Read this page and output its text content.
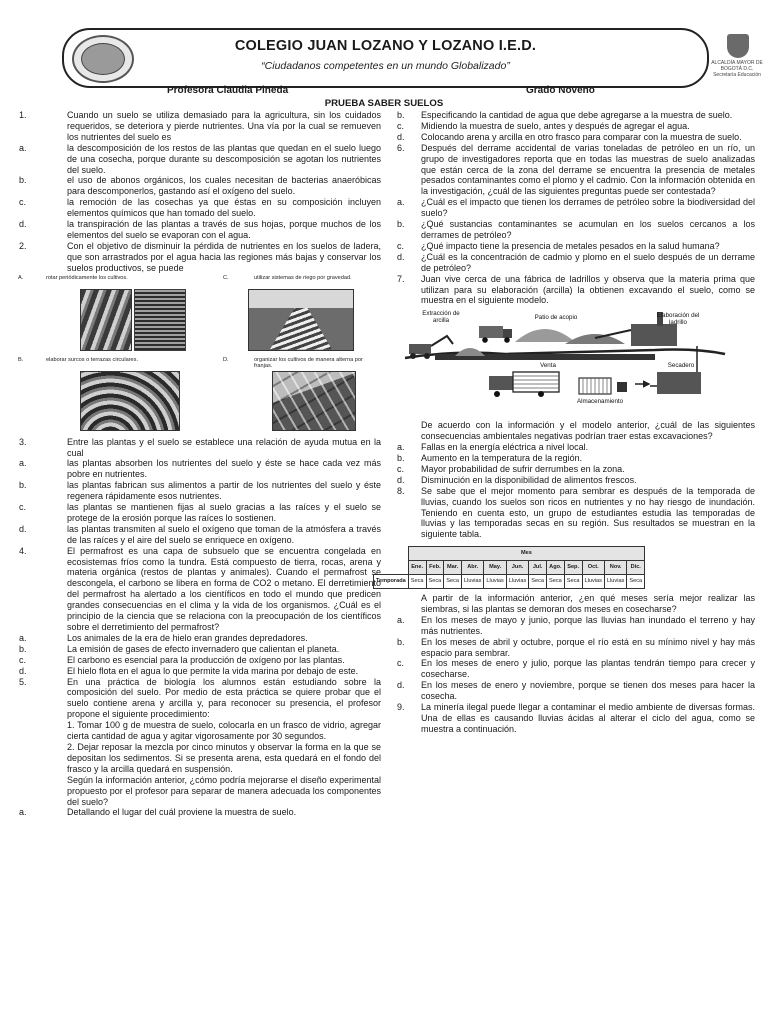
COLEGIO JUAN LOZANO Y LOZANO I.E.D.
“Ciudadanos competentes en un mundo Globalizado”	ALCALDÍA MAYOR DE BOGOTÁ D.C. Secretaría Educación
Profesora Claudia Pineda	Grado Noveno
PRUEBA SABER SUELOS
1.	Cuando un suelo se utiliza demasiado para la agricultura, sin los cuidados requeridos, se deteriora y pierde nutrientes. Una vía por la cual se remueven los nutrientes del suelo es
a.	la descomposición de los restos de las plantas que quedan en el suelo luego de una cosecha, porque durante su descomposición se agotan los nutrientes del suelo.
b.	el uso de abonos orgánicos, los cuales necesitan de bacterias anaeróbicas para descomponerlos, gastando así el oxígeno del suelo.
c.	la remoción de las cosechas ya que éstas en su composición incluyen elementos químicos que han tomado del suelo.
d.	la transpiración de las plantas a través de sus hojas, porque muchos de los elementos del suelo se evaporan con el agua.
2.	Con el objetivo de disminuir la pérdida de nutrientes en los suelos de ladera, que son arrastrados por el agua hacia las regiones más bajas y conservar los suelos productivos, se puede
A.	rotar periódicamente los cultivos.	C.	utilizar sistemas de riego por gravedad.
B.	elaborar surcos o terrazas circulares.	D.	organizar los cultivos de manera alterna por franjas.
3.	Entre las plantas y el suelo se establece una relación de ayuda mutua en la cual
a.	las plantas absorben los nutrientes del suelo y éste se hace cada vez más pobre en nutrientes.
b.	las plantas fabrican sus alimentos a partir de los nutrientes del suelo y éste regenera rápidamente esos nutrientes.
c.	las plantas se mantienen fijas al suelo gracias a las raíces y el suelo se protege de la erosión porque las raíces lo sostienen.
d.	las plantas transmiten al suelo el oxígeno que toman de la atmósfera a través de las raíces y el aire del suelo se enriquece en oxígeno.
4.	El permafrost es una capa de subsuelo que se encuentra congelada en ecosistemas fríos como la tundra. Está compuesto de tierra, rocas, arena y materia orgánica (restos de plantas y animales). Cuando el permafrost se descongela, el carbono se libera en forma de CO2 o metano. El derretimiento del permafrost ha alertado a los científicos en todo el mundo que predicen grandes consecuencias en el clima y la vida de los organismos. ¿Cuál es el principio de la ciencia que se relaciona con la preocupación de los científicos sobre el derretimiento del permafrost?
a.	Los animales de la era de hielo eran grandes depredadores.
b.	La emisión de gases de efecto invernadero que calientan el planeta.
c.	El carbono es esencial para la producción de oxígeno por las plantas.
d.	El hielo flota en el agua lo que permite la vida marina por debajo de este.
5.	En una práctica de biología los alumnos están estudiando sobre la composición del suelo. Por medio de esta práctica se quiere probar que el suelo contiene arena y arcilla y, para reconocer su presencia, el profesor propone el siguiente procedimiento:
1. Tomar 100 g de muestra de suelo, colocarla en un frasco de vidrio, agregar cierta cantidad de agua y agitar vigorosamente por 30 segundos.
2. Dejar reposar la mezcla por cinco minutos y observar la forma en la que se depositan los sedimentos. Si se presenta arena, esta quedará en el fondo del frasco y la arcilla quedará en suspensión.
Según la información anterior, ¿cómo podría mejorarse el diseño experimental propuesto por el profesor para separar de manera adecuada los componentes del suelo?
a.	Detallando el lugar del cuál proviene la muestra de suelo.
b. Especificando la cantidad de agua que debe agregarse a la muestra de suelo.
c. Midiendo la muestra de suelo, antes y después de agregar el agua.
d. Colocando arena y arcilla en otro frasco para comparar con la muestra de suelo.
6. Después del derrame accidental de varias toneladas de petróleo en un río, un grupo de investigadores reporta que en todas las muestras de suelo analizadas que están cerca de la zona del derrame se encuentra la presencia de metales pesados contaminantes como el plomo y el cadmio. Con la información obtenida en la investigación, ¿cuál de las siguientes preguntas puede ser contestada?
a. ¿Cuál es el impacto que tienen los derrames de petróleo sobre la biodiversidad del suelo?
b. ¿Qué sustancias contaminantes se acumulan en los suelos cercanos a los derrames de petróleo?
c. ¿Qué impacto tiene la presencia de metales pesados en la salud humana?
d. ¿Cuál es la concentración de cadmio y plomo en el suelo después de un derrame de petróleo?
7. Juan vive cerca de una fábrica de ladrillos y observa que la materia prima que utilizan para su elaboración (arcilla) la obtienen excavando el suelo, como se muestra en el siguiente modelo.
Extracción de arcilla	Patio de acopio	Elaboración del ladrillo
Venta	Secadero
Almacenamiento
De acuerdo con la información y el modelo anterior, ¿cuál de las siguientes consecuencias ambientales negativas podrían traer estas excavaciones?
a. Fallas en la energía eléctrica a nivel local.
b. Aumento en la temperatura de la región.
c. Mayor probabilidad de sufrir derrumbes en la zona.
d. Disminución en la disponibilidad de alimentos frescos.
8. Se sabe que el mejor momento para sembrar es después de la temporada de lluvias, cuando los suelos son ricos en nutrientes y no hay riesgo de inundación. Teniendo en cuenta esto, un grupo de estudiantes estudia las temporadas de lluvias y las temporadas secas en su región. Sus resultados se muestran en la siguiente tabla.
	Mes											
	Ene.	Feb.	Mar.	Abr.	May.	Jun.	Jul.	Ago.	Sep.	Oct.	Nov.	Dic.
Temporada	Seca	Seca	Seca	Lluvias	Lluvias	Lluvias	Seca	Seca	Seca	Lluvias	Lluvias	Seca
A partir de la información anterior, ¿en qué meses sería mejor realizar las siembras, si las plantas se demoran dos meses en cosecharse?
a. En los meses de mayo y junio, porque las lluvias han inundado el terreno y hay más nutrientes.
b. En los meses de abril y octubre, porque el río está en su mínimo nivel y hay más espacio para sembrar.
c. En los meses de enero y julio, porque las plantas tendrán tiempo para crecer y cosecharse.
d. En los meses de enero y noviembre, porque se tienen dos meses para hacer la cosecha.
9. La minería ilegal puede llegar a contaminar el medio ambiente de diversas formas. Una de ellas es causando lluvias ácidas al alterar el ciclo del agua, como se muestra a continuación.
